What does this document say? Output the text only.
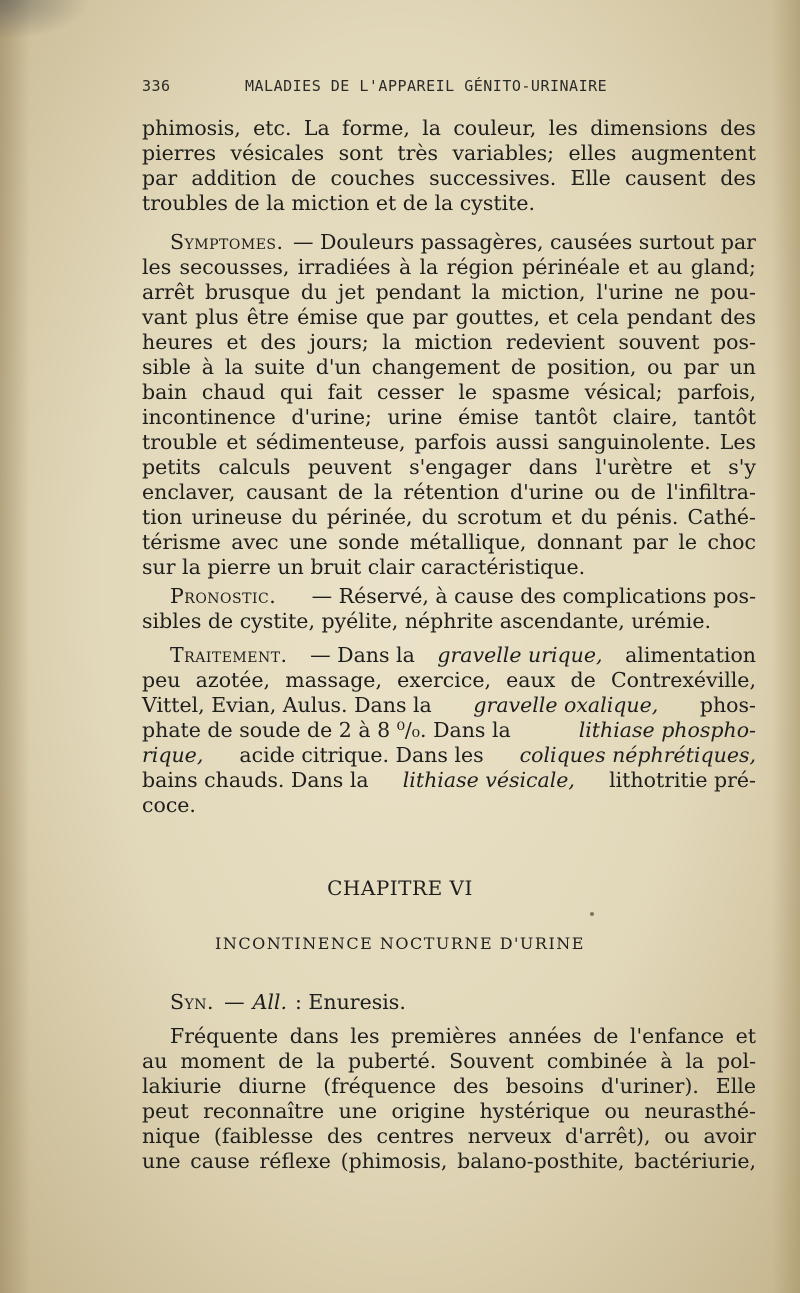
336	MALADIES DE L'APPAREIL GÉNITO-URINAIRE
phimosis, etc. La forme, la couleur, les dimensions des
pierres vésicales sont très variables; elles augmentent
par addition de couches successives. Elle causent des
troubles de la miction et de la cystite.
Symptomes. — Douleurs passagères, causées surtout par
les secousses, irradiées à la région périnéale et au gland;
arrêt brusque du jet pendant la miction, l'urine ne pou-
vant plus être émise que par gouttes, et cela pendant des
heures et des jours; la miction redevient souvent pos-
sible à la suite d'un changement de position, ou par un
bain chaud qui fait cesser le spasme vésical; parfois,
incontinence d'urine; urine émise tantôt claire, tantôt
trouble et sédimenteuse, parfois aussi sanguinolente. Les
petits calculs peuvent s'engager dans l'urètre et s'y
enclaver, causant de la rétention d'urine ou de l'infiltra-
tion urineuse du périnée, du scrotum et du pénis. Cathé-
térisme avec une sonde métallique, donnant par le choc
sur la pierre un bruit clair caractéristique.
Pronostic. — Réservé, à cause des complications pos-
sibles de cystite, pyélite, néphrite ascendante, urémie.
Traitement. — Dans la gravelle urique, alimentation
peu azotée, massage, exercice, eaux de Contrexéville,
Vittel, Evian, Aulus. Dans la gravelle oxalique, phos-
phate de soude de 2 à 8 ⁰/₀. Dans la	lithiase phospho-
rique, acide citrique. Dans les coliques néphrétiques,
bains chauds. Dans la lithiase vésicale, lithotritie pré-
coce.
CHAPITRE VI
INCONTINENCE NOCTURNE D'URINE
Syn. — All. : Enuresis.
Fréquente dans les premières années de l'enfance et
au moment de la puberté. Souvent combinée à la pol-
lakiurie diurne (fréquence des besoins d'uriner). Elle
peut reconnaître une origine hystérique ou neurasthé-
nique (faiblesse des centres nerveux d'arrêt), ou avoir
une cause réflexe (phimosis, balano-posthite, bactériurie,
